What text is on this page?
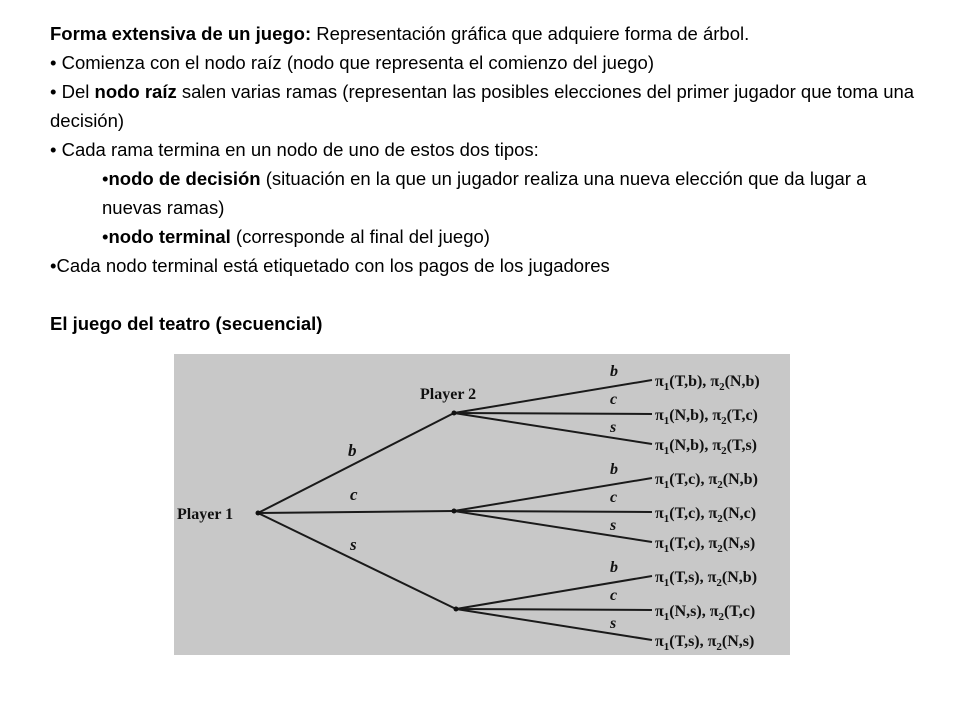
Forma extensiva de un juego: Representación gráfica que adquiere forma de árbol.

• Comienza con el nodo raíz (nodo que representa el comienzo del juego)

• Del nodo raíz salen varias ramas (representan las posibles elecciones del primer jugador que toma una decisión)

• Cada rama termina en un nodo de uno de estos dos tipos:

•nodo de decisión (situación en la que un jugador realiza una nueva elección que da lugar a nuevas ramas)

•nodo terminal (corresponde al final del juego)

•Cada nodo terminal está etiquetado con los pagos de los jugadores

El juego del teatro (secuencial)

Player 1
Player 2
b
c
s
b
c
s
b
c
s
b
c
s
$\pi_1(T,b)$, $\pi_2(N,b)$
$\pi_1(N,b)$, $\pi_2(T,c)$
$\pi_1(N,b)$, $\pi_2(T,s)$
$\pi_1(T,c)$, $\pi_2(N,b)$
$\pi_1(T,c)$, $\pi_2(N,c)$
$\pi_1(T,c)$, $\pi_2(N,s)$
$\pi_1(T,s)$, $\pi_2(N,b)$
$\pi_1(N,s)$, $\pi_2(T,c)$
$\pi_1(T,s)$, $\pi_2(N,s)$
